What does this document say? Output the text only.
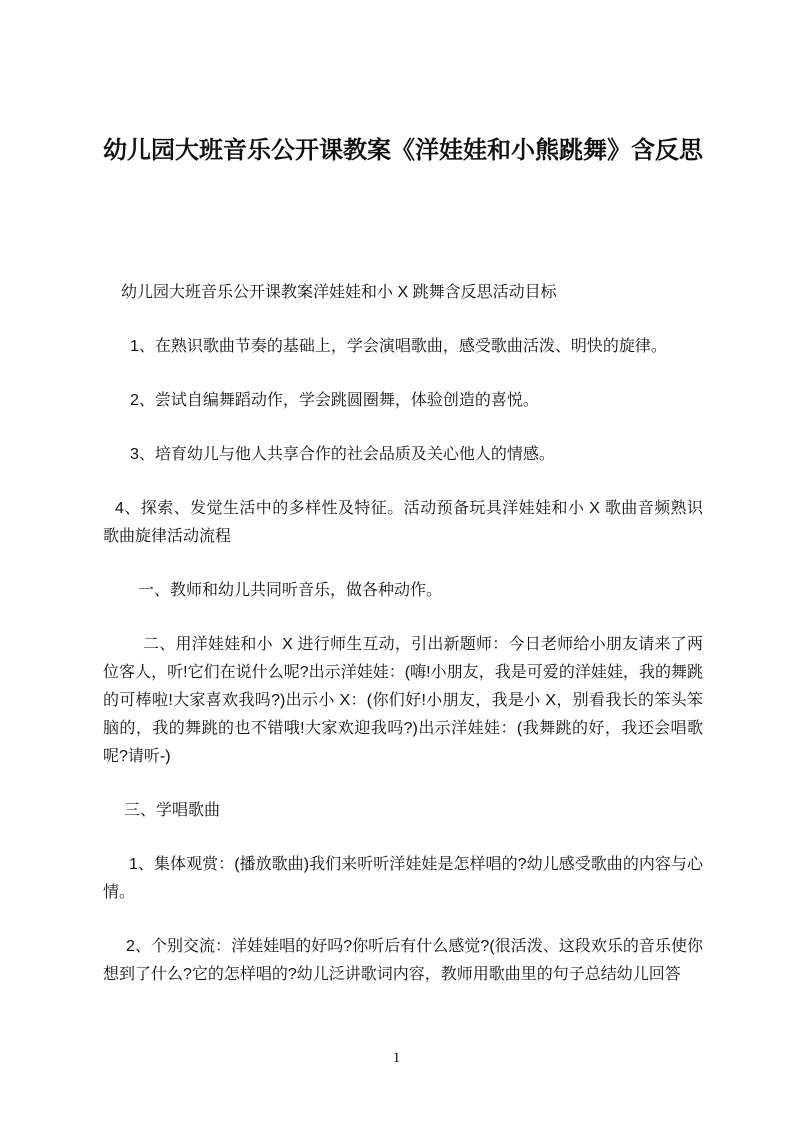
幼儿园大班音乐公开课教案《洋娃娃和小熊跳舞》含反思

幼儿园大班音乐公开课教案洋娃娃和小 X 跳舞含反思活动目标

1、在熟识歌曲节奏的基础上，学会演唱歌曲，感受歌曲活泼、明快的旋律。

2、尝试自编舞蹈动作，学会跳圆圈舞，体验创造的喜悦。

3、培育幼儿与他人共享合作的社会品质及关心他人的情感。

4、探索、发觉生活中的多样性及特征。活动预备玩具洋娃娃和小 X 歌曲音频熟识歌曲旋律活动流程

一、教师和幼儿共同听音乐，做各种动作。

二、用洋娃娃和小  X 进行师生互动，引出新题师：今日老师给小朋友请来了两位客人，听!它们在说什么呢?出示洋娃娃：(嗨!小朋友，我是可爱的洋娃娃，我的舞跳的可棒啦!大家喜欢我吗?)出示小 X：(你们好!小朋友，我是小 X，别看我长的笨头笨脑的，我的舞跳的也不错哦!大家欢迎我吗?)出示洋娃娃：(我舞跳的好，我还会唱歌呢?请听-)

三、学唱歌曲

1、集体观赏：(播放歌曲)我们来听听洋娃娃是怎样唱的?幼儿感受歌曲的内容与心情。

2、个别交流：洋娃娃唱的好吗?你听后有什么感觉?(很活泼、这段欢乐的音乐使你想到了什么?它的怎样唱的?幼儿泛讲歌词内容，教师用歌曲里的句子总结幼儿回答

1
